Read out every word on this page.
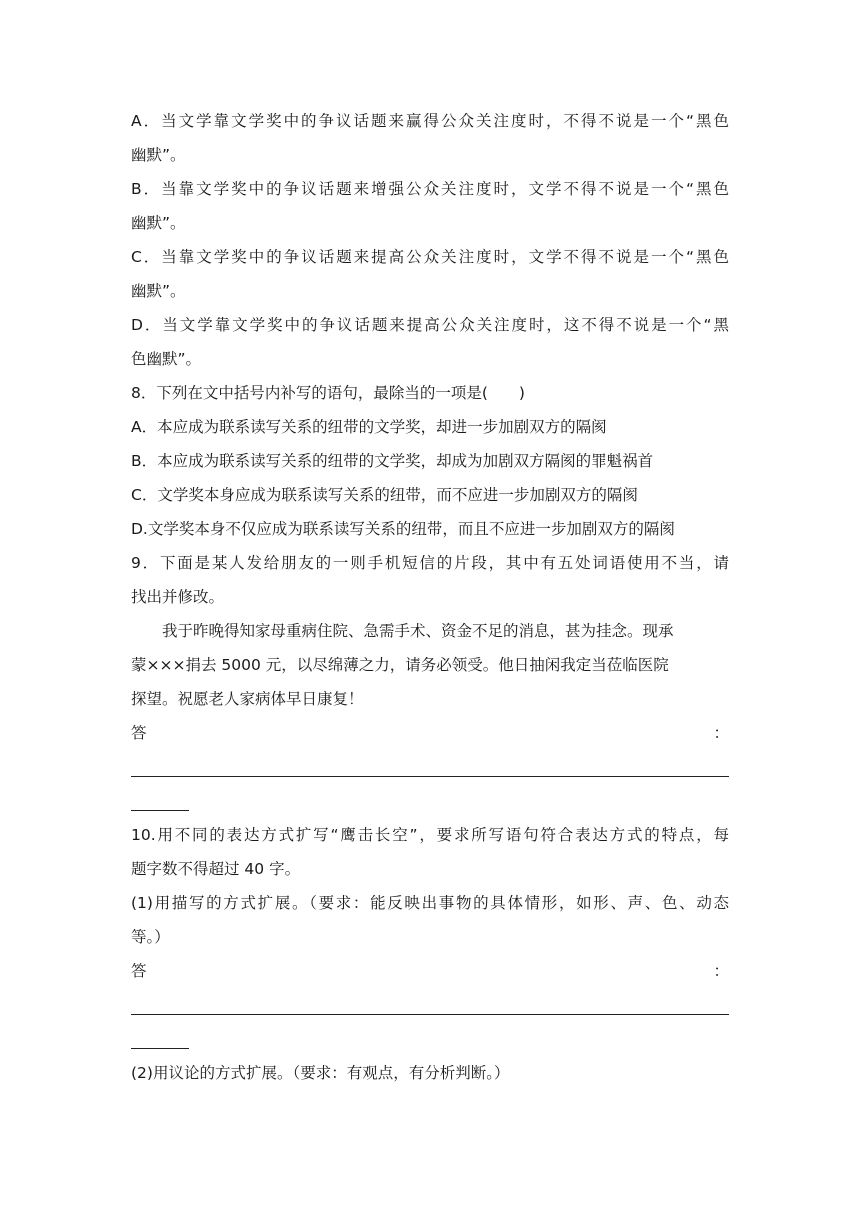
A．当文学靠文学奖中的争议话题来赢得公众关注度时，不得不说是一个“黑色
幽默”。
B．当靠文学奖中的争议话题来增强公众关注度时，文学不得不说是一个“黑色
幽默”。
C．当靠文学奖中的争议话题来提高公众关注度时，文学不得不说是一个“黑色
幽默”。
D．当文学靠文学奖中的争议话题来提高公众关注度时，这不得不说是一个“黑
色幽默”。
8．下列在文中括号内补写的语句，最除当的一项是(　　)
A．本应成为联系读写关系的纽带的文学奖，却进一步加剧双方的隔阂
B．本应成为联系读写关系的纽带的文学奖，却成为加剧双方隔阂的罪魁祸首
C．文学奖本身应成为联系读写关系的纽带，而不应进一步加剧双方的隔阂
D.文学奖本身不仅应成为联系读写关系的纽带，而且不应进一步加剧双方的隔阂
9．下面是某人发给朋友的一则手机短信的片段，其中有五处词语使用不当，请
找出并修改。
我于昨晚得知家母重病住院、急需手术、资金不足的消息，甚为挂念。现承
蒙×××捐去 5000 元，以尽绵薄之力，请务必领受。他日抽闲我定当莅临医院
探望。祝愿老人家病体早日康复！
答	：
10.用不同的表达方式扩写“鹰击长空”，要求所写语句符合表达方式的特点，每
题字数不得超过 40 字。
(1)用描写的方式扩展。（要求：能反映出事物的具体情形，如形、声、色、动态
等。）
答	：
(2)用议论的方式扩展。（要求：有观点，有分析判断。）
